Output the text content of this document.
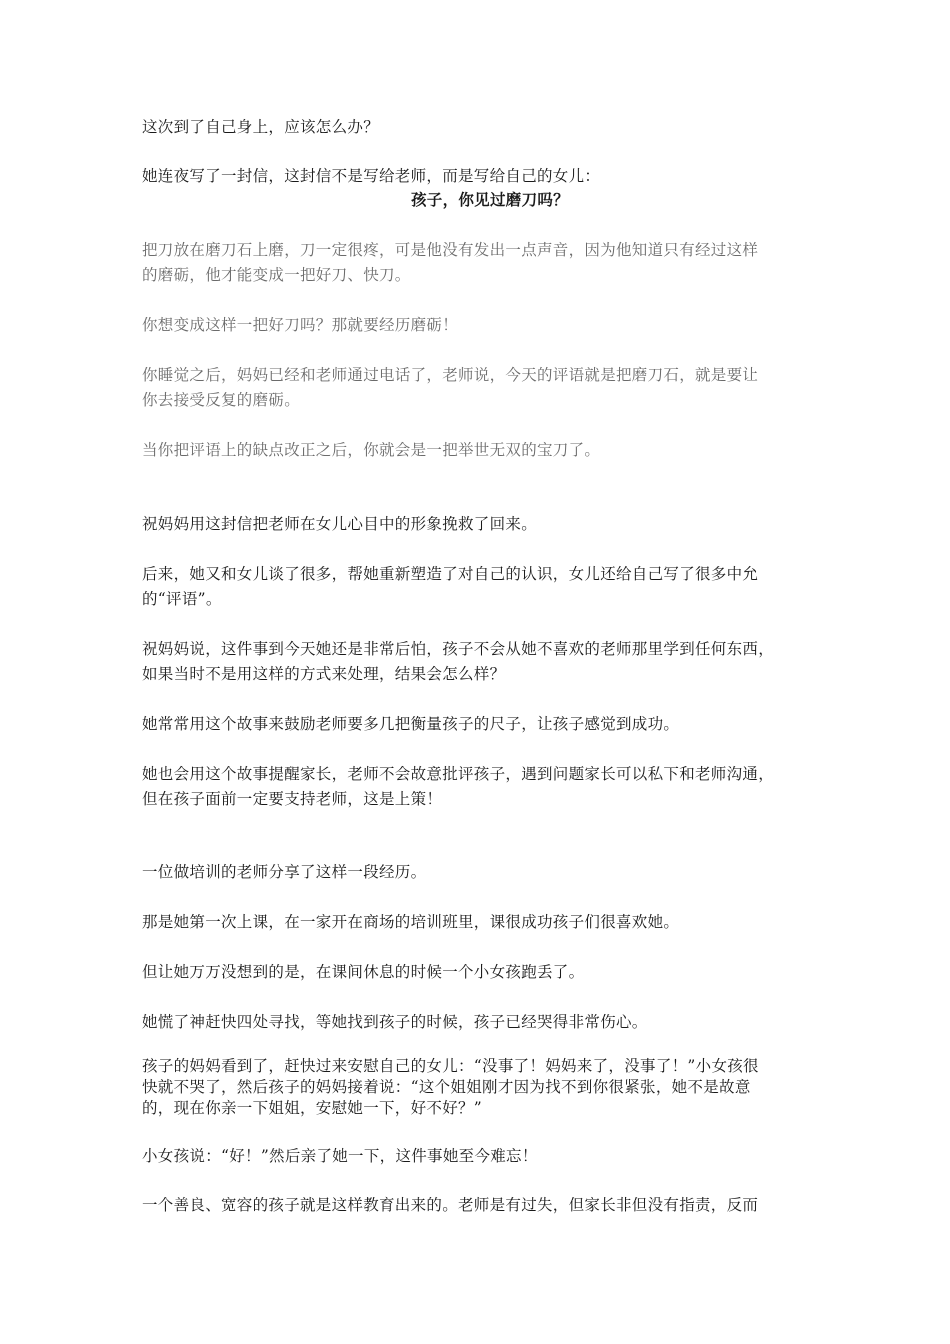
这次到了自己身上，应该怎么办？
她连夜写了一封信，这封信不是写给老师，而是写给自己的女儿：
孩子，你见过磨刀吗？
把刀放在磨刀石上磨，刀一定很疼，可是他没有发出一点声音，因为他知道只有经过这样
的磨砺，他才能变成一把好刀、快刀。
你想变成这样一把好刀吗？那就要经历磨砺！
你睡觉之后，妈妈已经和老师通过电话了，老师说，今天的评语就是把磨刀石，就是要让
你去接受反复的磨砺。
当你把评语上的缺点改正之后，你就会是一把举世无双的宝刀了。
祝妈妈用这封信把老师在女儿心目中的形象挽救了回来。
后来，她又和女儿谈了很多，帮她重新塑造了对自己的认识，女儿还给自己写了很多中允
的“评语”。
祝妈妈说，这件事到今天她还是非常后怕，孩子不会从她不喜欢的老师那里学到任何东西，
如果当时不是用这样的方式来处理，结果会怎么样？
她常常用这个故事来鼓励老师要多几把衡量孩子的尺子，让孩子感觉到成功。
她也会用这个故事提醒家长，老师不会故意批评孩子，遇到问题家长可以私下和老师沟通，
但在孩子面前一定要支持老师，这是上策！
一位做培训的老师分享了这样一段经历。
那是她第一次上课，在一家开在商场的培训班里，课很成功孩子们很喜欢她。
但让她万万没想到的是，在课间休息的时候一个小女孩跑丢了。
她慌了神赶快四处寻找，等她找到孩子的时候，孩子已经哭得非常伤心。
孩子的妈妈看到了，赶快过来安慰自己的女儿：“没事了！妈妈来了，没事了！”小女孩很
快就不哭了，然后孩子的妈妈接着说：“这个姐姐刚才因为找不到你很紧张，她不是故意
的，现在你亲一下姐姐，安慰她一下，好不好？”
小女孩说：“好！”然后亲了她一下，这件事她至今难忘！
一个善良、宽容的孩子就是这样教育出来的。老师是有过失，但家长非但没有指责，反而
